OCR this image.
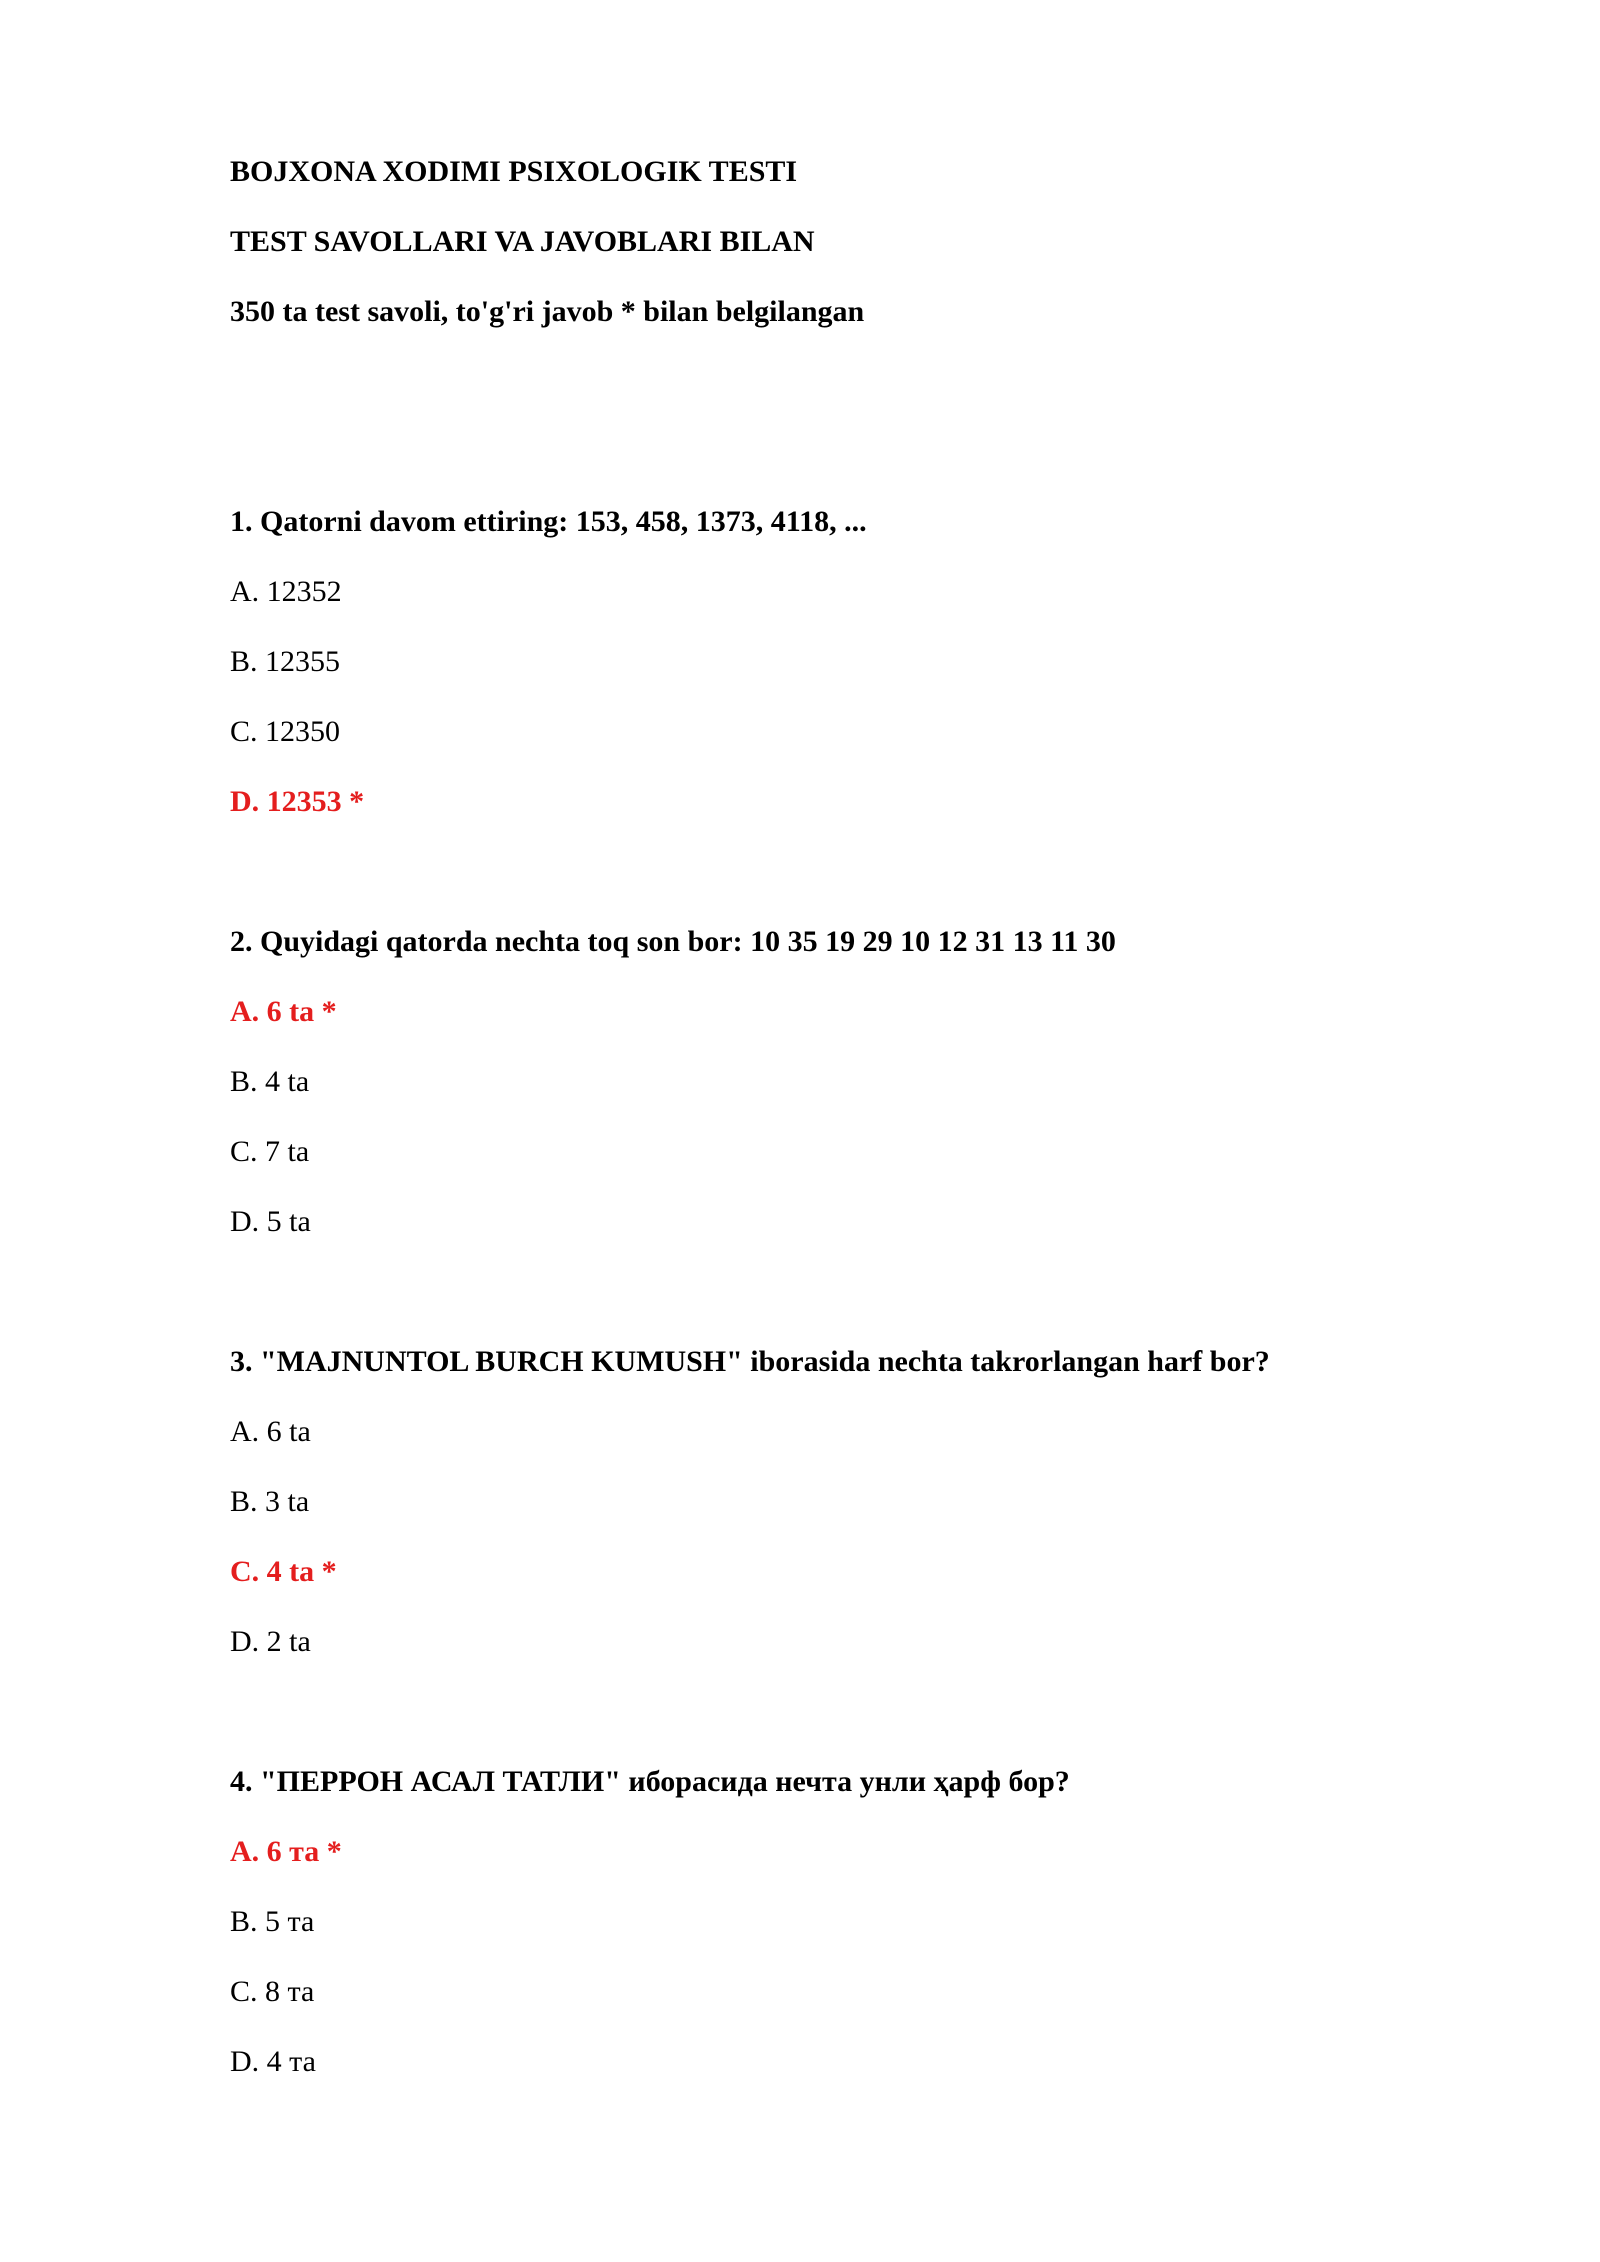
BOJXONA XODIMI PSIXOLOGIK TESTI
TEST SAVOLLARI VA JAVOBLARI BILAN
350 ta test savoli, to'g'ri javob * bilan belgilangan
1. Qatorni davom ettiring: 153, 458, 1373, 4118, ...
A. 12352
B. 12355
C. 12350
D. 12353 *
2. Quyidagi qatorda nechta toq son bor: 10 35 19 29 10 12 31 13 11 30
A. 6 ta *
B. 4 ta
C. 7 ta
D. 5 ta
3. "MAJNUNTOL BURCH KUMUSH" iborasida nechta takrorlangan harf bor?
A. 6 ta
B. 3 ta
C. 4 ta *
D. 2 ta
4. "ПЕРРОН АСАЛ ТАТЛИ" иборасида нечта унли ҳарф бор?
A. 6 та *
B. 5 та
C. 8 та
D. 4 та
